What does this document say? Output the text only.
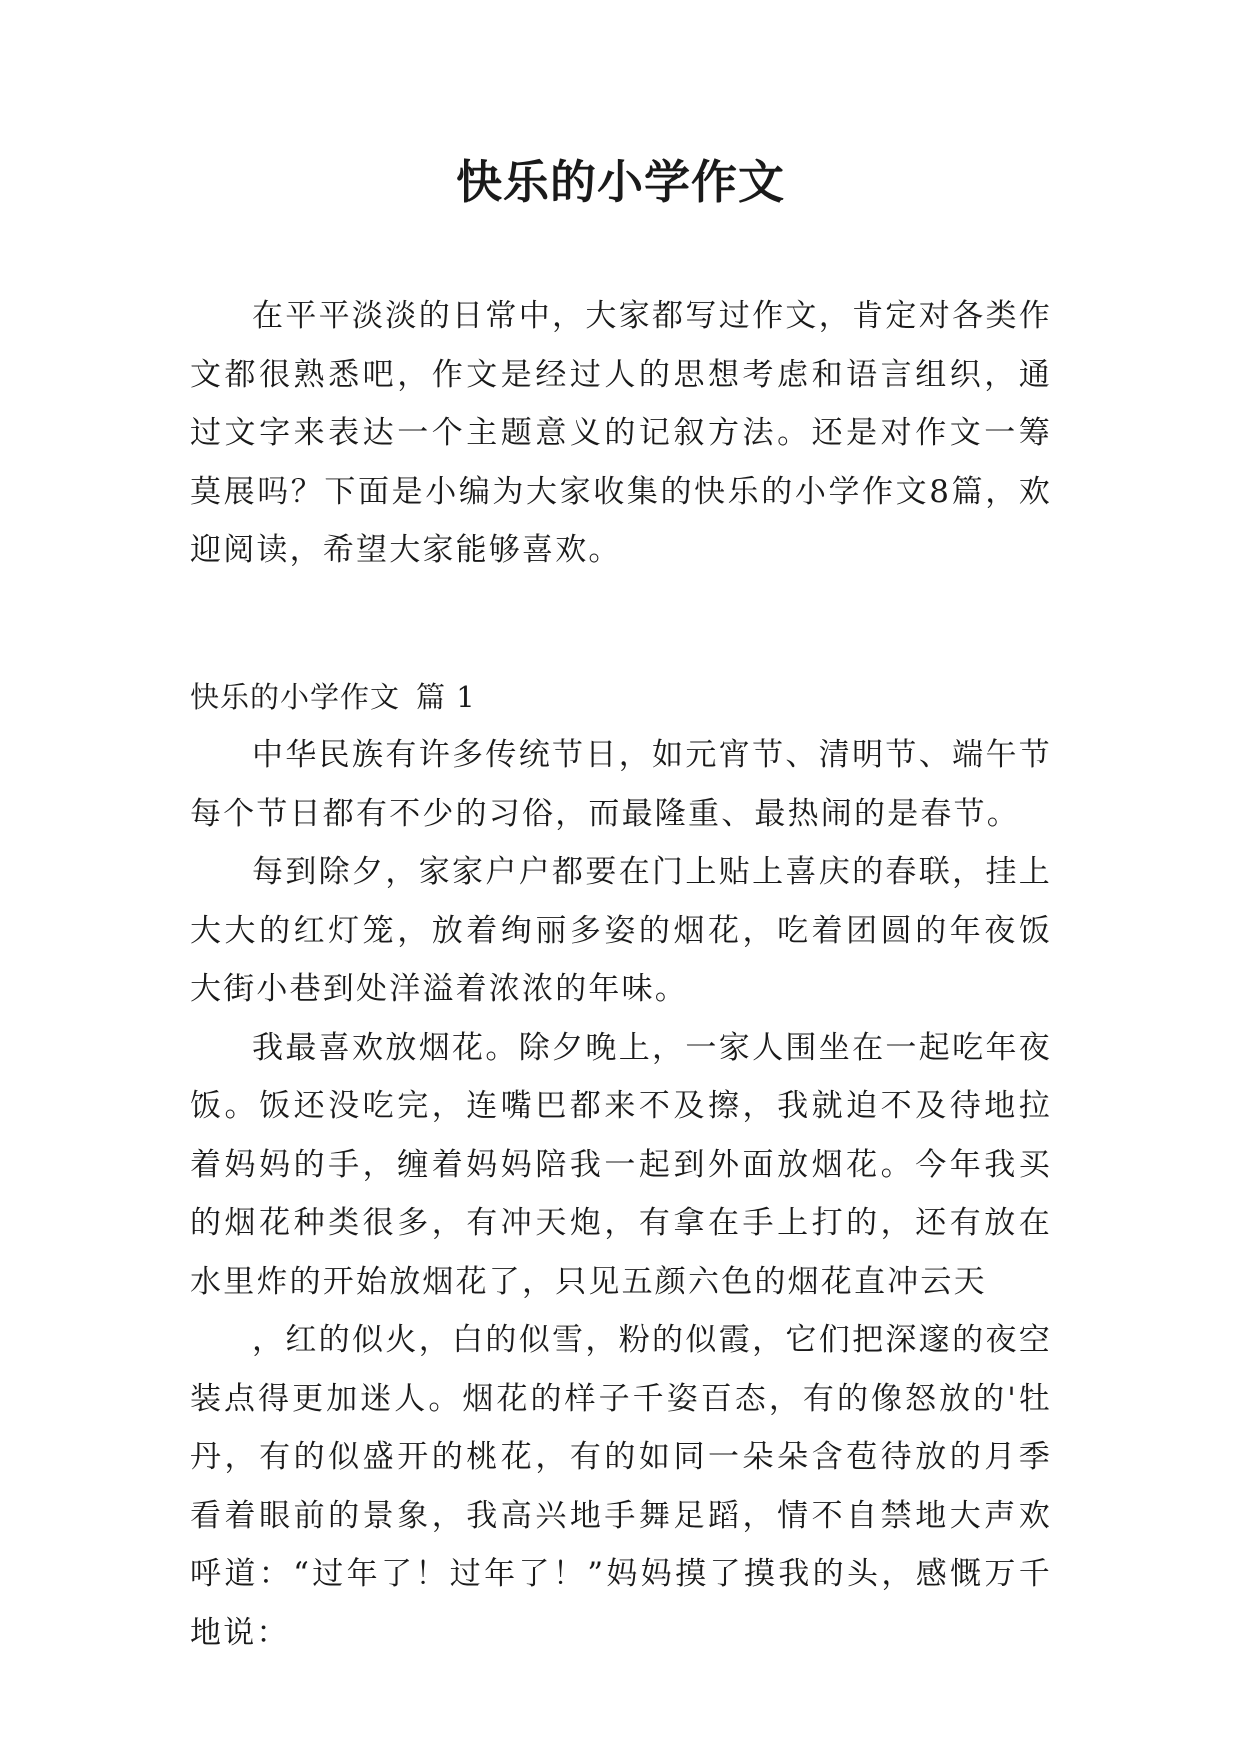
快乐的小学作文

在平平淡淡的日常中，大家都写过作文，肯定对各类作文都很熟悉吧，作文是经过人的思想考虑和语言组织，通过文字来表达一个主题意义的记叙方法。还是对作文一筹莫展吗？下面是小编为大家收集的快乐的小学作文8篇，欢迎阅读，希望大家能够喜欢。

快乐的小学作文 篇 1

中华民族有许多传统节日，如元宵节、清明节、端午节每个节日都有不少的习俗，而最隆重、最热闹的是春节。

每到除夕，家家户户都要在门上贴上喜庆的春联，挂上大大的红灯笼，放着绚丽多姿的烟花，吃着团圆的年夜饭大街小巷到处洋溢着浓浓的年味。

我最喜欢放烟花。除夕晚上，一家人围坐在一起吃年夜饭。饭还没吃完，连嘴巴都来不及擦，我就迫不及待地拉着妈妈的手，缠着妈妈陪我一起到外面放烟花。今年我买的烟花种类很多，有冲天炮，有拿在手上打的，还有放在水里炸的开始放烟花了，只见五颜六色的烟花直冲云天

，红的似火，白的似雪，粉的似霞，它们把深邃的夜空装点得更加迷人。烟花的样子千姿百态，有的像怒放的'牡丹，有的似盛开的桃花，有的如同一朵朵含苞待放的月季看着眼前的景象，我高兴地手舞足蹈，情不自禁地大声欢呼道：“过年了！过年了！”妈妈摸了摸我的头，感慨万千地说：
